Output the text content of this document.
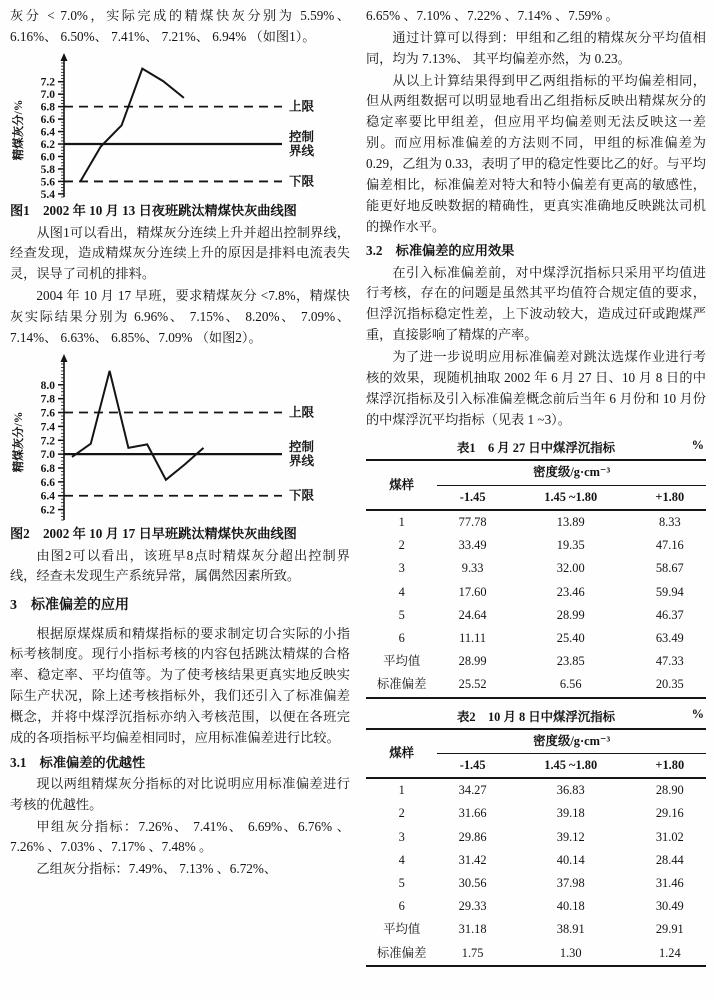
灰分 < 7.0%，实际完成的精煤快灰分别为 5.59%、 6.16%、 6.50%、 7.41%、 7.21%、 6.94% （如图1）。

5.4
5.6
5.8
6.0
6.2
6.4
6.6
6.8
7.0
7.2
上限
控制
界线
下限
精煤灰分/%

图1　2002 年 10 月 13 日夜班跳汰精煤快灰曲线图

从图1可以看出，精煤灰分连续上升并超出控制界线，经查发现，造成精煤灰分连续上升的原因是排料电流表失灵，误导了司机的排料。

2004 年 10 月 17 早班，要求精煤灰分 <7.8%，精煤快灰实际结果分别为 6.96%、 7.15%、 8.20%、 7.09%、 7.14%、 6.63%、 6.85%、7.09% （如图2）。

6.2
6.4
6.6
6.8
7.0
7.2
7.4
7.6
7.8
8.0
上限
控制
界线
下限
精煤灰分/%

图2　2002 年 10 月 17 日早班跳汰精煤快灰曲线图

由图2可以看出，该班早8点时精煤灰分超出控制界线，经查未发现生产系统异常，属偶然因素所致。

3　标准偏差的应用

根据原煤煤质和精煤指标的要求制定切合实际的小指标考核制度。现行小指标考核的内容包括跳汰精煤的合格率、稳定率、平均值等。为了使考核结果更真实地反映实际生产状况，除上述考核指标外，我们还引入了标准偏差概念，并将中煤浮沉指标亦纳入考核范围，以便在各班完成的各项指标平均偏差相同时，应用标准偏差进行比较。

3.1　标准偏差的优越性

现以两组精煤灰分指标的对比说明应用标准偏差进行考核的优越性。

甲组灰分指标：7.26%、 7.41%、 6.69%、6.76% 、7.26% 、7.03% 、7.17% 、7.48% 。

乙组灰分指标：7.49%、 7.13% 、6.72%、

6.65% 、7.10% 、7.22% 、7.14% 、7.59% 。

通过计算可以得到：甲组和乙组的精煤灰分平均值相同，均为 7.13%、 其平均偏差亦然，为 0.23。

从以上计算结果得到甲乙两组指标的平均偏差相同，但从两组数据可以明显地看出乙组指标反映出精煤灰分的稳定率要比甲组差，但应用平均偏差则无法反映这一差别。而应用标准偏差的方法则不同，甲组的标准偏差为 0.29，乙组为 0.33，表明了甲的稳定性要比乙的好。与平均偏差相比，标准偏差对特大和特小偏差有更高的敏感性，能更好地反映数据的精确性，更真实准确地反映跳汰司机的操作水平。

3.2　标准偏差的应用效果

在引入标准偏差前，对中煤浮沉指标只采用平均值进行考核，存在的问题是虽然其平均值符合规定值的要求，但浮沉指标稳定性差，上下波动较大，造成过矸或跑煤严重，直接影响了精煤的产率。

为了进一步说明应用标准偏差对跳汰选煤作业进行考核的效果，现随机抽取 2002 年 6 月 27 日、10 月 8 日的中煤浮沉指标及引入标准偏差概念前后当年 6 月份和 10 月份的中煤浮沉平均指标（见表 1 ~3）。

表1　6 月 27 日中煤浮沉指标	%
煤样	密度级/g·cm⁻³		
	-1.45	1.45 ~1.80	+1.80
1	77.78	13.89	8.33
2	33.49	19.35	47.16
3	9.33	32.00	58.67
4	17.60	23.46	59.94
5	24.64	28.99	46.37
6	11.11	25.40	63.49
平均值	28.99	23.85	47.33
标准偏差	25.52	6.56	20.35
表2　10 月 8 日中煤浮沉指标	%
煤样	密度级/g·cm⁻³		
	-1.45	1.45 ~1.80	+1.80
1	34.27	36.83	28.90
2	31.66	39.18	29.16
3	29.86	39.12	31.02
4	31.42	40.14	28.44
5	30.56	37.98	31.46
6	29.33	40.18	30.49
平均值	31.18	38.91	29.91
标准偏差	1.75	1.30	1.24
